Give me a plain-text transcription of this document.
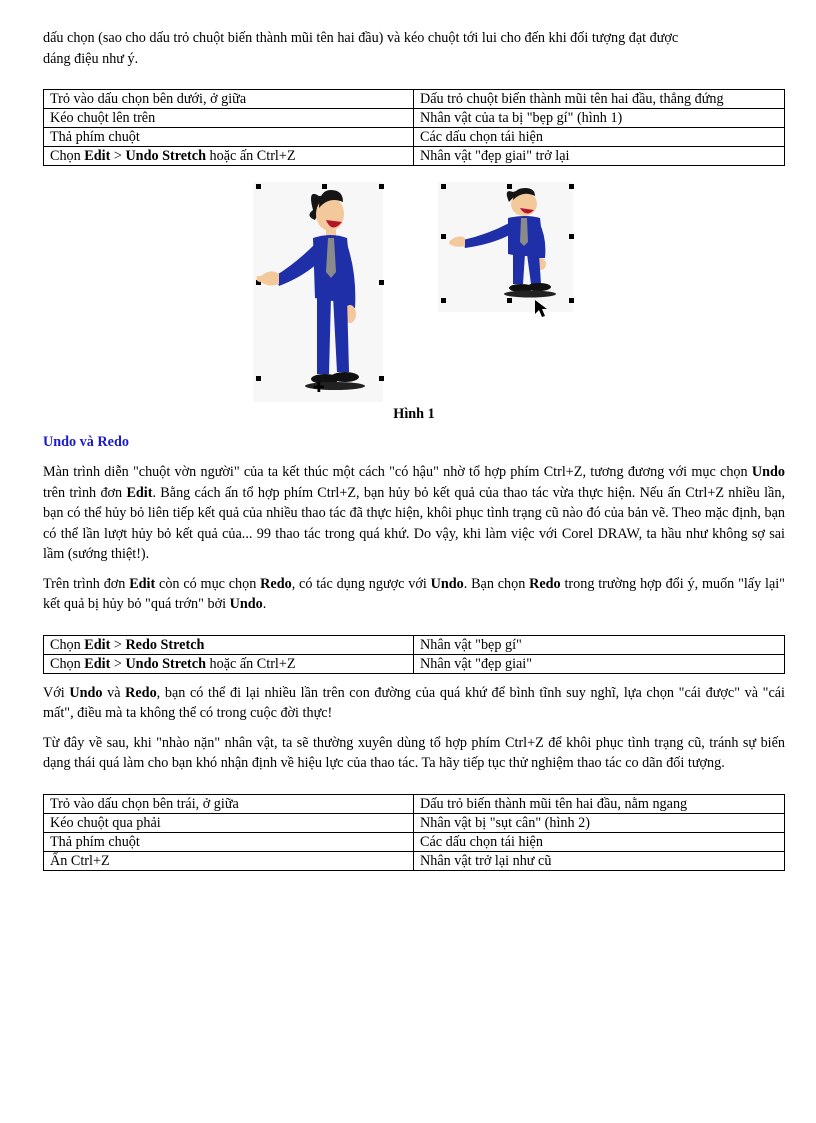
dấu chọn (sao cho dấu trỏ chuột biến thành mũi tên hai đầu) và kéo chuột tới lui cho đến khi đối tượng đạt được
dáng điệu như ý.

Trỏ vào dấu chọn bên dưới, ở giữa	Dấu trỏ chuột biến thành mũi tên hai đầu, thẳng đứng
Kéo chuột lên trên	Nhân vật của ta bị "bẹp gí" (hình 1)
Thả phím chuột	Các dấu chọn tái hiện
Chọn Edit > Undo Stretch hoặc ấn Ctrl+Z	Nhân vật "đẹp giai" trở lại
✚
Hình 1
Undo và Redo

Màn trình diễn "chuột vờn người" của ta kết thúc một cách "có hậu" nhờ tổ hợp phím Ctrl+Z, tương đương với mục chọn Undo trên trình đơn Edit. Bằng cách ấn tổ hợp phím Ctrl+Z, bạn hủy bỏ kết quả của thao tác vừa thực hiện. Nếu ấn Ctrl+Z nhiều lần, bạn có thể hủy bỏ liên tiếp kết quả của nhiều thao tác đã thực hiện, khôi phục tình trạng cũ nào đó của bản vẽ. Theo mặc định, bạn có thể lần lượt hủy bỏ kết quả của... 99 thao tác trong quá khứ. Do vậy, khi làm việc với Corel DRAW, ta hầu như không sợ sai lầm (sướng thiệt!).

Trên trình đơn Edit còn có mục chọn Redo, có tác dụng ngược với Undo. Bạn chọn Redo trong trường hợp đổi ý, muốn "lấy lại" kết quả bị hủy bỏ "quá trớn" bởi Undo.

Chọn Edit > Redo Stretch	Nhân vật "bẹp gí"
Chọn Edit > Undo Stretch hoặc ấn Ctrl+Z	Nhân vật "đẹp giai"

Với Undo và Redo, bạn có thể đi lại nhiều lần trên con đường của quá khứ để bình tĩnh suy nghĩ, lựa chọn "cái được" và "cái mất", điều mà ta không thể có trong cuộc đời thực!

Từ đây về sau, khi "nhào nặn" nhân vật, ta sẽ thường xuyên dùng tổ hợp phím Ctrl+Z để khôi phục tình trạng cũ, tránh sự biến dạng thái quá làm cho bạn khó nhận định về hiệu lực của thao tác. Ta hãy tiếp tục thử nghiệm thao tác co dãn đối tượng.

Trỏ vào dấu chọn bên trái, ở giữa	Dấu trỏ biến thành mũi tên hai đầu, nằm ngang
Kéo chuột qua phải	Nhân vật bị "sụt cân" (hình 2)
Thả phím chuột	Các dấu chọn tái hiện
Ấn Ctrl+Z	Nhân vật trở lại như cũ
